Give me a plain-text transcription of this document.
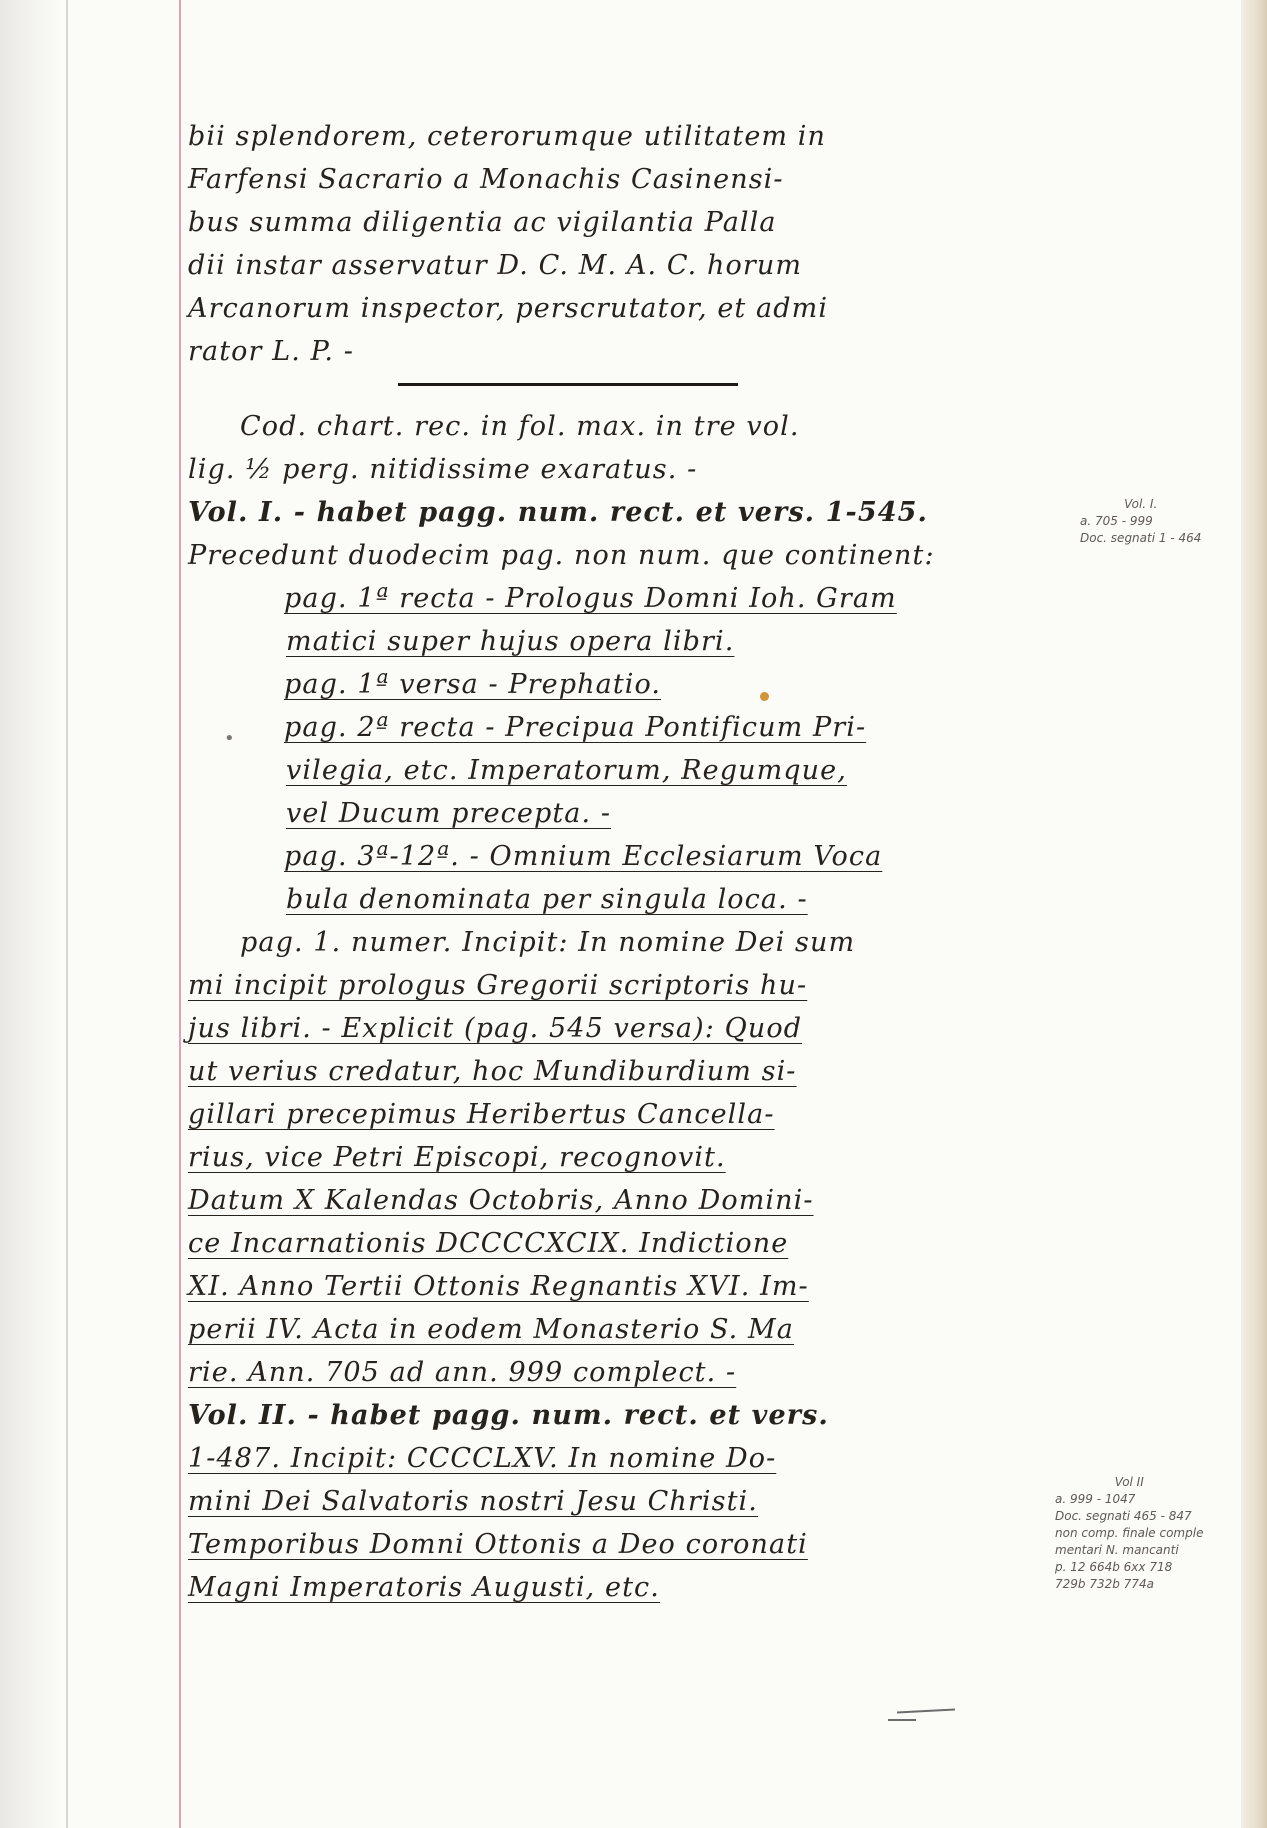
bii splendorem, ceterorumque utilitatem in
Farfensi Sacrario a Monachis Casinensi-
bus summa diligentia ac vigilantia Palla
dii instar asservatur D. C. M. A. C. horum
Arcanorum inspector, perscrutator, et admi
rator L. P. -
Cod. chart. rec. in fol. max. in tre vol.
lig. ½ perg. nitidissime exaratus. -
Vol. I. - habet pagg. num. rect. et vers. 1-545.
Precedunt duodecim pag. non num. que continent:
pag. 1ª recta - Prologus Domni Ioh. Gram
matici super hujus opera libri.
pag. 1ª versa - Prephatio.
pag. 2ª recta - Precipua Pontificum Pri-
vilegia, etc. Imperatorum, Regumque,
vel Ducum precepta. -
pag. 3ª-12ª. - Omnium Ecclesiarum Voca
bula denominata per singula loca. -
pag. 1. numer. Incipit: In nomine Dei sum
mi incipit prologus Gregorii scriptoris hu-
jus libri. - Explicit (pag. 545 versa): Quod
ut verius credatur, hoc Mundiburdium si-
gillari precepimus Heribertus Cancella-
rius, vice Petri Episcopi, recognovit.
Datum X Kalendas Octobris, Anno Domini-
ce Incarnationis DCCCCXCIX. Indictione
XI. Anno Tertii Ottonis Regnantis XVI. Im-
perii IV. Acta in eodem Monasterio S. Ma
rie. Ann. 705 ad ann. 999 complect. -
Vol. II. - habet pagg. num. rect. et vers.
1-487. Incipit: CCCCLXV. In nomine Do-
mini Dei Salvatoris nostri Jesu Christi.
Temporibus Domni Ottonis a Deo coronati
Magni Imperatoris Augusti, etc.
Vol. I.
a. 705 - 999
Doc. segnati 1 - 464
Vol II
a. 999 - 1047
Doc. segnati 465 - 847
non comp. finale comple
mentari N. mancanti
p. 12 664b 6xx 718
729b 732b 774a
•
